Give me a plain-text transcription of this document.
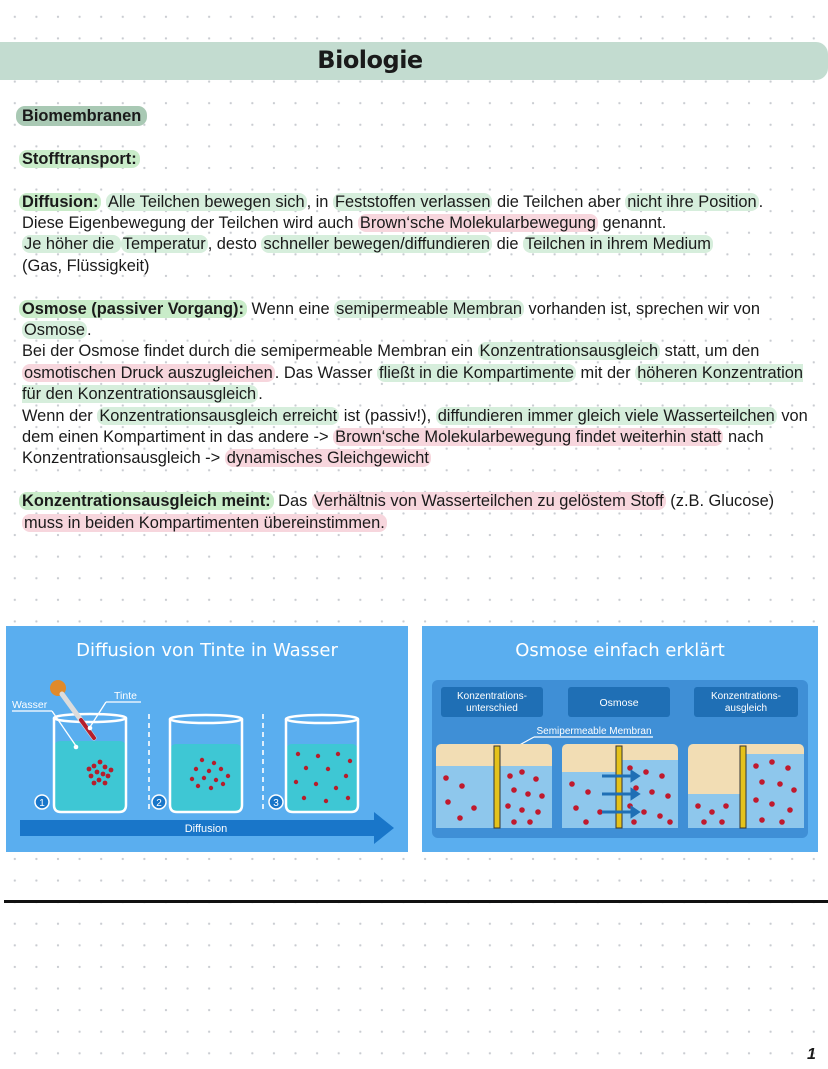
Biologie

Biomembranen

Stofftransport:

Diffusion: Alle Teilchen bewegen sich , in Feststoffen verlassen die Teilchen aber nicht ihre Position .
Diese Eigenbewegung der Teilchen wird auch Brown‘sche Molekularbewegung genannt.
Je höher die Temperatur , desto schneller bewegen/diffundieren die Teilchen in ihrem Medium
(Gas, Flüssigkeit)

Osmose (passiver Vorgang): Wenn eine semipermeable Membran vorhanden ist, sprechen wir von Osmose .
Bei der Osmose findet durch die semipermeable Membran ein Konzentrationsausgleich statt, um den osmotischen Druck auszugleichen . Das Wasser fließt in die Kompartimente mit der höheren Konzentration für den Konzentrationsausgleich .
Wenn der Konzentrationsausgleich erreicht ist (passiv!), diffundieren immer gleich viele Wasserteilchen von dem einen Kompartiment in das andere -> Brown‘sche Molekularbewegung findet weiterhin statt nach Konzentrationsausgleich -> dynamisches Gleichgewicht

Konzentrationsausgleich meint: Das Verhältnis von Wasserteilchen zu gelöstem Stoff (z.B. Glucose) muss in beiden Kompartimenten übereinstimmen.

Diffusion von Tinte in Wasser
Wasser
Tinte
1	2	3
Diffusion
Osmose einfach erklärt
Konzentrations-
unterschied	Osmose
Konzentrations-
ausgleich
Semipermeable Membran
1
